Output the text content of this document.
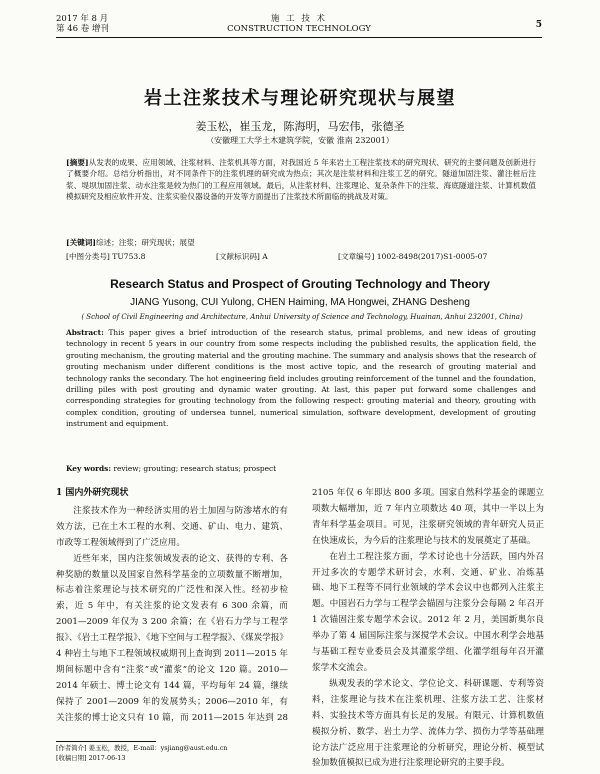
2017 年 8 月
第 46 卷 增刊
施 工 技 术
CONSTRUCTION TECHNOLOGY	5
岩土注浆技术与理论研究现状与展望
姜玉松，崔玉龙，陈海明，马宏伟，张德圣
（安徽理工大学土木建筑学院，安徽 淮南 232001）
[摘要]从发表的成果、应用领域、注浆材料、注浆机具等方面，对我国近 5 年来岩土工程注浆技术的研究现状、研究的主要问题及创新进行了概要介绍。总结分析指出，对不同条件下的注浆机理的研究成为热点；其次是注浆材料和注浆工艺的研究。隧道加固注浆、灌注桩后注浆、堤坝加固注浆、动水注浆是较为热门的工程应用领域。最后，从注浆材料、注浆理论、复杂条件下的注浆、海底隧道注浆、计算机数值模拟研究及相应软件开发、注浆实验仪器设备的开发等方面提出了注浆技术所面临的挑战及对策。
[关键词]综述；注浆；研究现状；展望
[中图分类号] TU753.8	[文献标识码] A	[文章编号] 1002-8498(2017)S1-0005-07
Research Status and Prospect of Grouting Technology and Theory
JIANG Yusong, CUI Yulong, CHEN Haiming, MA Hongwei, ZHANG Desheng
( School of Civil Engineering and Architecture, Anhui University of Science and Technology, Huainan, Anhui 232001, China)
Abstract: This paper gives a brief introduction of the research status, primal problems, and new ideas of grouting technology in recent 5 years in our country from some respects including the published results, the application field, the grouting mechanism, the grouting material and the grouting machine. The summary and analysis shows that the research of grouting mechanism under different conditions is the most active topic, and the research of grouting material and technology ranks the secondary. The hot engineering field includes grouting reinforcement of the tunnel and the foundation, drilling piles with post grouting and dynamic water grouting. At last, this paper put forward some challenges and corresponding strategies for grouting technology from the following respect: grouting material and theory, grouting with complex condition, grouting of undersea tunnel, numerical simulation, software development, development of grouting instrument and equipment.
Key words: review; grouting; research status; prospect
1 国内外研究现状

注浆技术作为一种经济实用的岩土加固与防渗堵水的有效方法，已在土木工程的水利、交通、矿山、电力、建筑、市政等工程领域得到了广泛应用。

近些年来，国内注浆领域发表的论文、获得的专利、各种奖励的数量以及国家自然科学基金的立项数量不断增加，标志着注浆理论与技术研究的广泛性和深入性。经初步检索，近 5 年中，有关注浆的论文发表有 6 300 余篇，而 2001—2009 年仅为 3 200 余篇；在《岩石力学与工程学报》、《岩土工程学报》、《地下空间与工程学报》、《煤炭学报》4 种岩土与地下工程领域权威期刊上查询到 2011—2015 年期间标题中含有“注浆”或“灌浆”的论文 120 篇。2010—2014 年硕士、博士论文有 144 篇，平均每年 24 篇，继续保持了 2001—2009 年的发展势头；2006—2010 年，有关注浆的博士论文只有 10 篇，而 2011—2015 年达到 28

2105 年仅 6 年即达 800 多项。国家自然科学基金的课题立项数大幅增加，近 7 年内立项数达 40 项，其中一半以上为青年科学基金项目。可见，注浆研究领域的青年研究人员正在快速成长，为今后的注浆理论与技术的发展奠定了基础。

在岩土工程注浆方面，学术讨论也十分活跃，国内外召开过多次的专题学术研讨会，水利、交通、矿业、冶炼基础、地下工程等不同行业领域的学术会议中也都列入注浆主题。中国岩石力学与工程学会锚固与注浆分会每隔 2 年召开 1 次锚固注浆专题学术会议。2012 年 2 月，美国新奥尔良举办了第 4 届国际注浆与深搅学术会议。中国水利学会地基与基础工程专业委员会及其灌浆学组、化灌学组每年召开灌浆学术交流会。

纵观发表的学术论文、学位论文、科研课题、专利等资料，注浆理论与技术在注浆机理、注浆方法工艺、注浆材料、实验技术等方面具有长足的发展。有限元、计算机数值模拟分析、数学、岩土力学、流体力学、损伤力学等基础理论方法广泛应用于注浆理论的分析研究，理论分析、模型试验加数值模拟已成为进行注浆理论研究的主要手段。

[作者简介] 姜玉松，教授，E-mail：ysjiang@aust.edu.cn
[收稿日期] 2017-06-13
